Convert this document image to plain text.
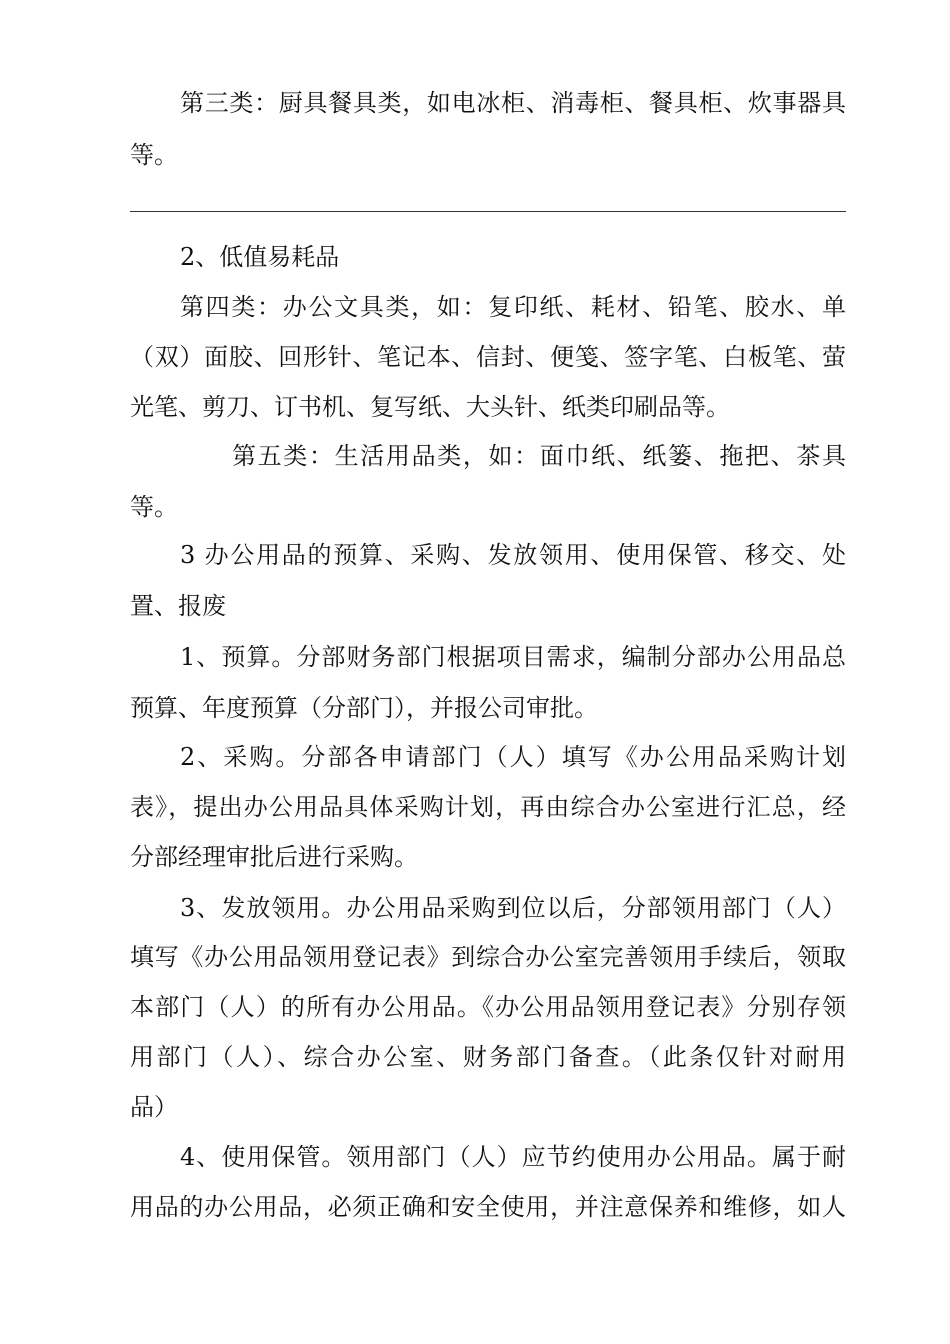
第三类：厨具餐具类，如电冰柜、消毒柜、餐具柜、炊事器具
等。
2、低值易耗品
第四类：办公文具类，如：复印纸、耗材、铅笔、胶水、单
（双）面胶、回形针、笔记本、信封、便笺、签字笔、白板笔、萤
光笔、剪刀、订书机、复写纸、大头针、纸类印刷品等。
第五类：生活用品类，如：面巾纸、纸篓、拖把、茶具
等。
3 办公用品的预算、采购、发放领用、使用保管、移交、处
置、报废
1、预算。分部财务部门根据项目需求，编制分部办公用品总
预算、年度预算（分部门），并报公司审批。
2、采购。分部各申请部门（人）填写《办公用品采购计划
表》，提出办公用品具体采购计划，再由综合办公室进行汇总，经
分部经理审批后进行采购。
3、发放领用。办公用品采购到位以后，分部领用部门（人）
填写《办公用品领用登记表》到综合办公室完善领用手续后，领取
本部门（人）的所有办公用品。《办公用品领用登记表》分别存领
用部门（人）、综合办公室、财务部门备查。（此条仅针对耐用
品）
4、使用保管。领用部门（人）应节约使用办公用品。属于耐
用品的办公用品，必须正确和安全使用，并注意保养和维修，如人
